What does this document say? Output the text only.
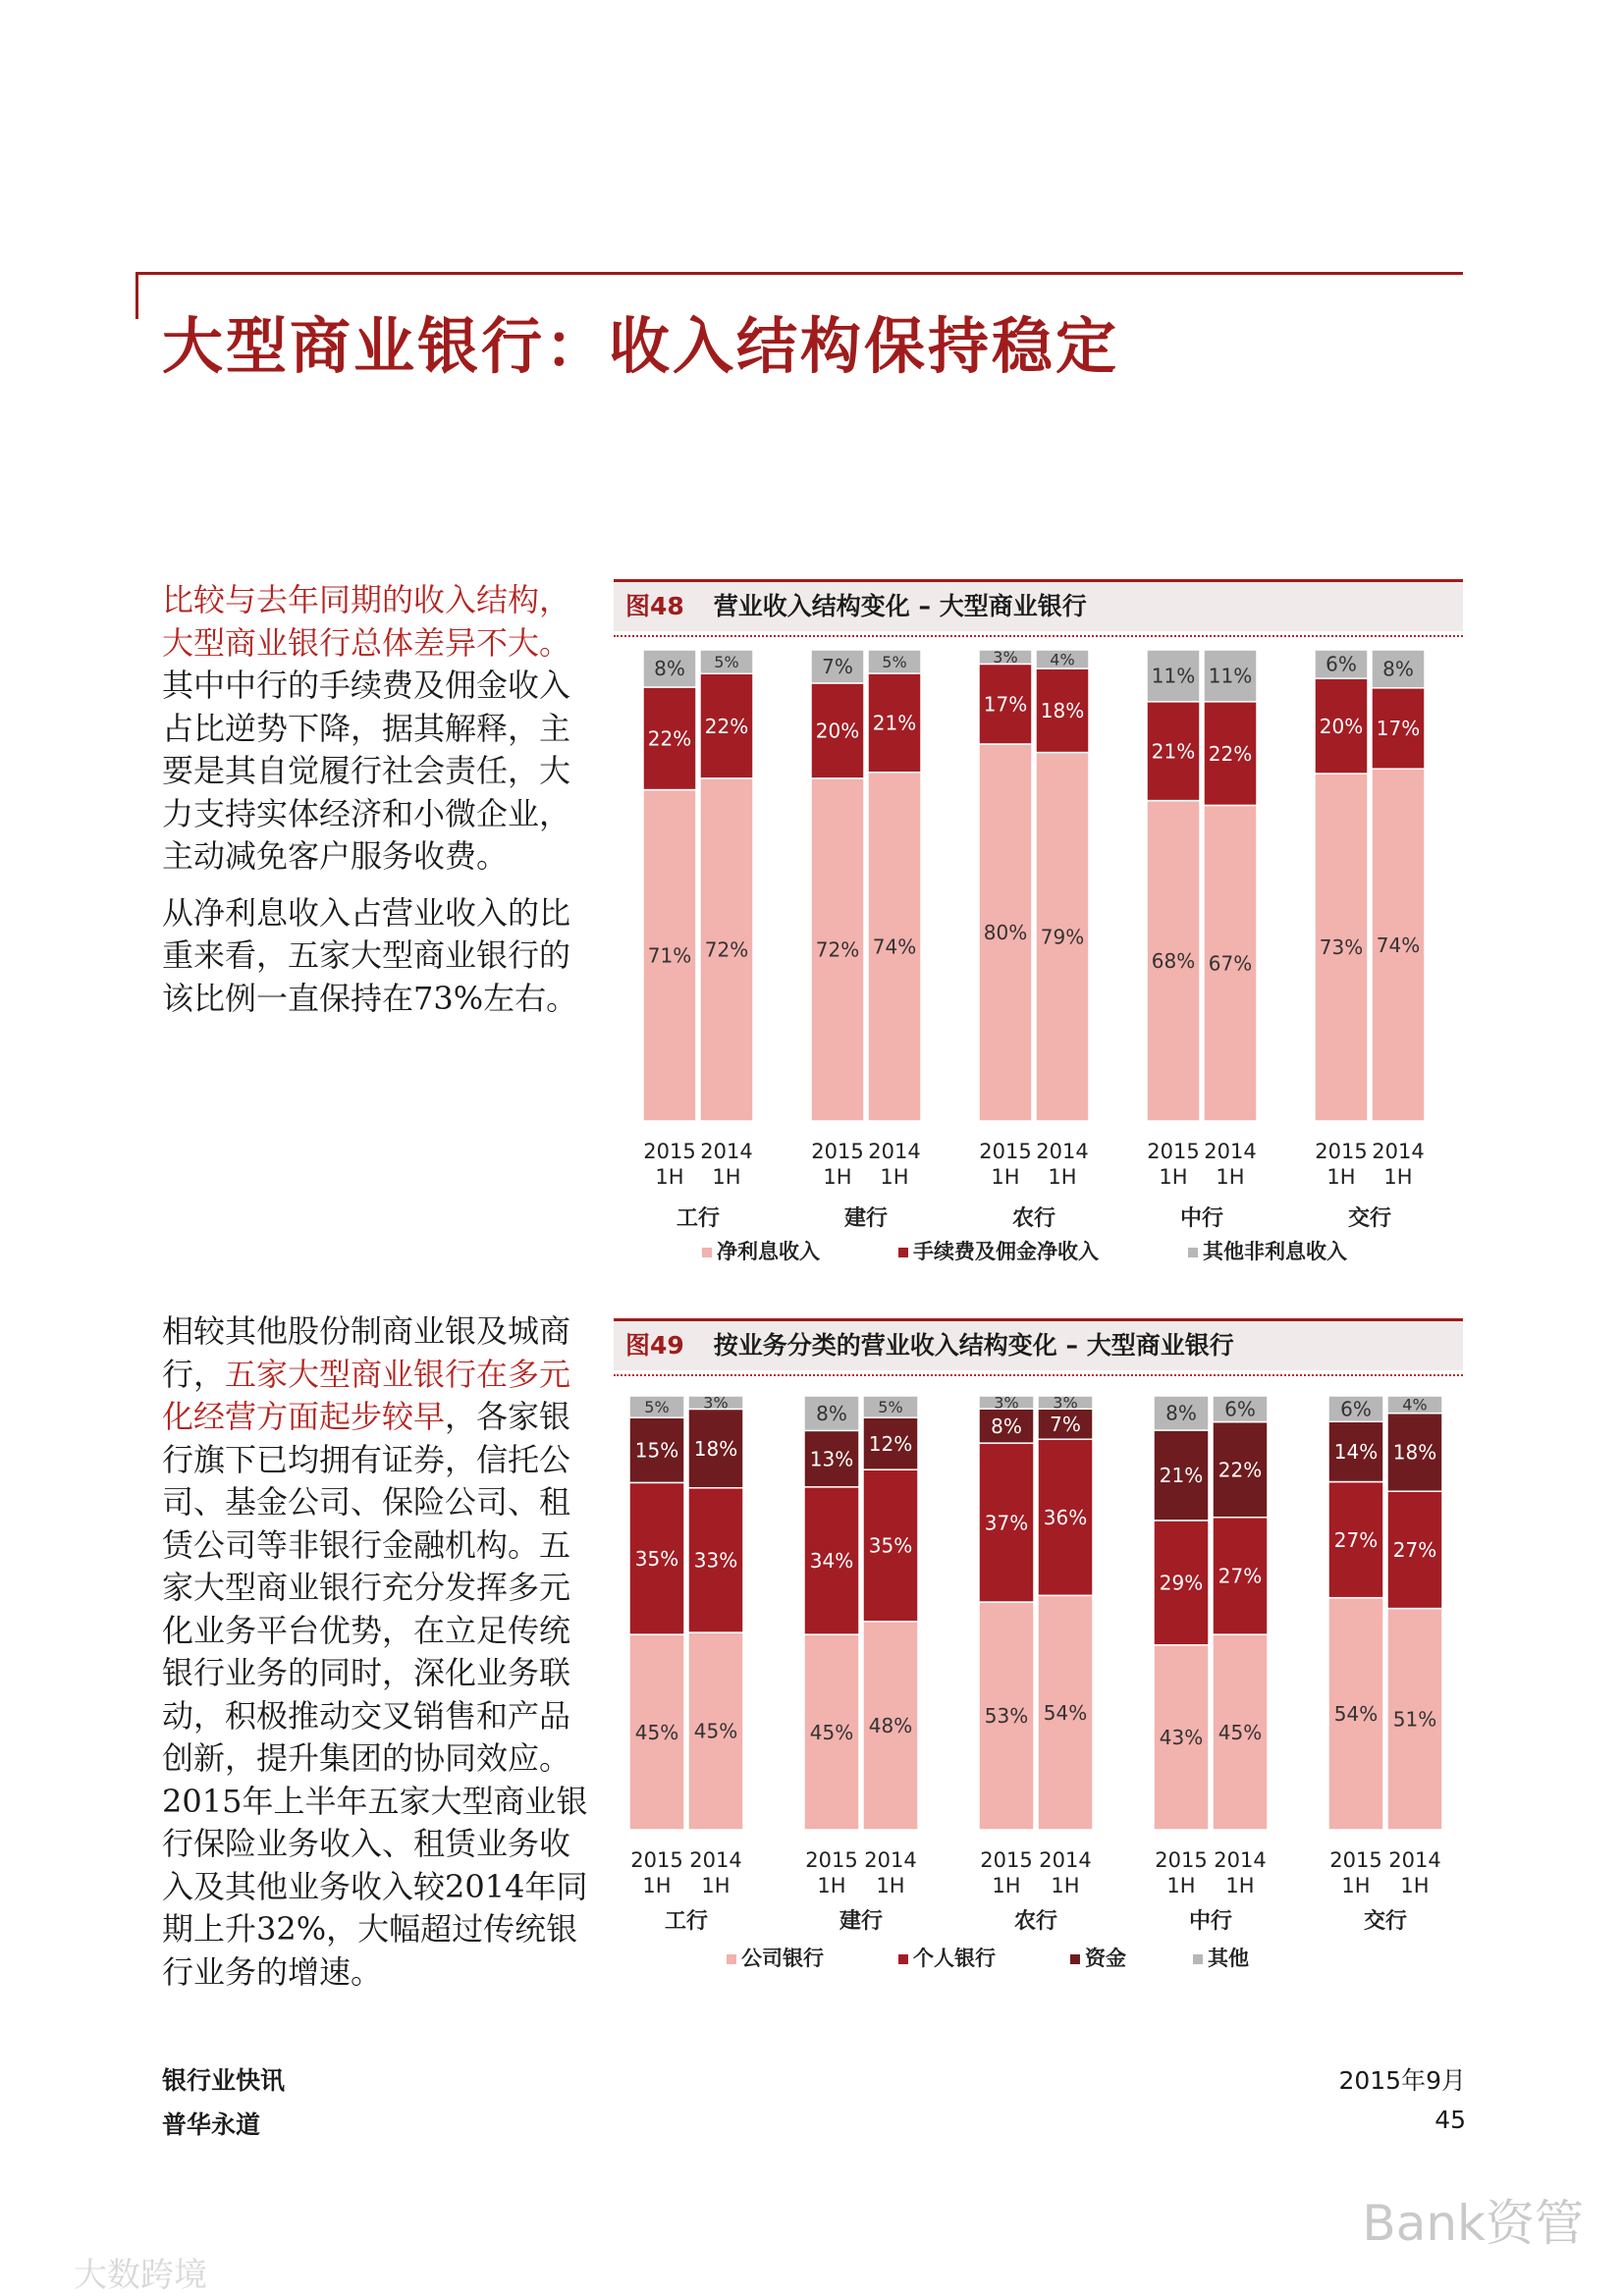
大型商业银行：收入结构保持稳定

比较与去年同期的收入结构，大型商业银行总体差异不大。其中中行的手续费及佣金收入占比逆势下降，据其解释，主要是其自觉履行社会责任，大力支持实体经济和小微企业，主动减免客户服务收费。

从净利息收入占营业收入的比重来看，五家大型商业银行的该比例一直保持在73%左右。

相较其他股份制商业银及城商行，五家大型商业银行在多元化经营方面起步较早，各家银行旗下已均拥有证券，信托公司、基金公司、保险公司、租赁公司等非银行金融机构。五家大型商业银行充分发挥多元化业务平台优势，在立足传统银行业务的同时，深化业务联动，积极推动交叉销售和产品创新，提升集团的协同效应。2015年上半年五家大型商业银行保险业务收入、租赁业务收入及其他业务收入较2014年同期上升32%，大幅超过传统银行业务的增速。

图48 营业收入结构变化 – 大型商业银行
71%
22%
8%
2015
1H
72%
22%
5%
2014
1H
工行
72%
20%
7%
2015
1H
74%
21%
5%
2014
1H
建行
80%
17%
3%
2015
1H
79%
18%
4%
2014
1H
农行
68%
21%
11%
2015
1H
67%
22%
11%
2014
1H
中行
73%
20%
6%
2015
1H
74%
17%
8%
2014
1H
交行
净利息收入	手续费及佣金净收入	其他非利息收入
图49 按业务分类的营业收入结构变化 – 大型商业银行
45%
35%
15%
5%
2015
1H
45%
33%
18%
3%
2014
1H
工行
45%
34%
13%
8%
2015
1H
48%
35%
12%
5%
2014
1H
建行
53%
37%
8%
3%
2015
1H
54%
36%
7%
3%
2014
1H
农行
43%
29%
21%
8%
2015
1H
45%
27%
22%
6%
2014
1H
中行
54%
27%
14%
6%
2015
1H
51%
27%
18%
4%
2014
1H
交行
公司银行	个人银行	资金	其他
银行业快讯
普华永道
2015年9月
45
Bank资管
大数跨境
